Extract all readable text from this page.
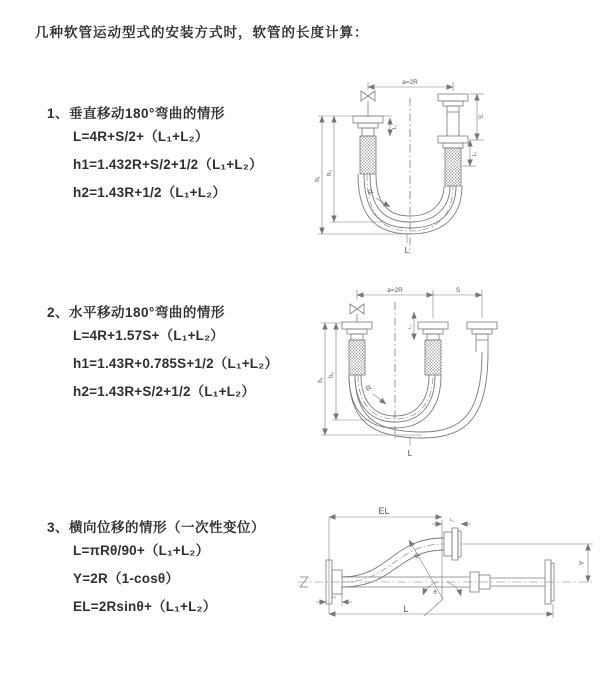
几种软管运动型式的安装方式时，软管的长度计算：
1、垂直移动180°弯曲的情形
L=4R+S/2+（L₁+L₂）
h1=1.432R+S/2+1/2（L₁+L₂）
h2=1.43R+1/2（L₁+L₂）
a=2R
h₁
h₂
L₁
S
L₂
R
L
2、水平移动180°弯曲的情形
L=4R+1.57S+（L₁+L₂）
h1=1.43R+0.785S+1/2（L₁+L₂）
h2=1.43R+S/2+1/2（L₁+L₂）
a=2R	S
h₁
h₂
L₁
R
L
3、横向位移的情形（一次性变位）
L=πRθ/90+（L₁+L₂）
Y=2R（1-cosθ）
EL=2Rsinθ+（L₁+L₂）
EL
L₁
Y
R
θ
L
L₂
